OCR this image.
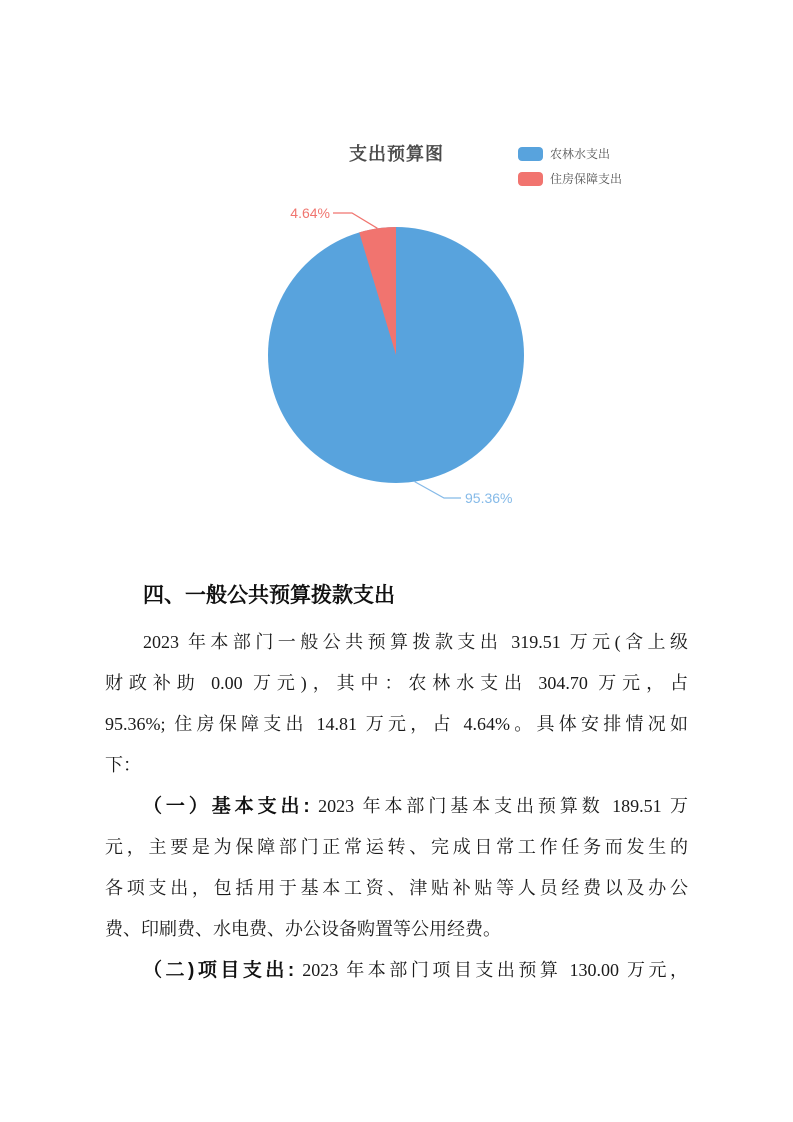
支出预算图	农林水支出
住房保障支出
4.64%
95.36%
四、一般公共预算拨款支出
2023 年本部门一般公共预算拨款支出 319.51 万元(含上级
财政补助 0.00 万元)，其中：农林水支出 304.70 万元，占
95.36%; 住房保障支出 14.81 万元，占 4.64%。具体安排情况如
下：
（一）基本支出: 2023 年本部门基本支出预算数 189.51 万
元，主要是为保障部门正常运转、完成日常工作任务而发生的
各项支出，包括用于基本工资、津贴补贴等人员经费以及办公
费、印刷费、水电费、办公设备购置等公用经费。
（二)项目支出: 2023 年本部门项目支出预算 130.00 万元，
